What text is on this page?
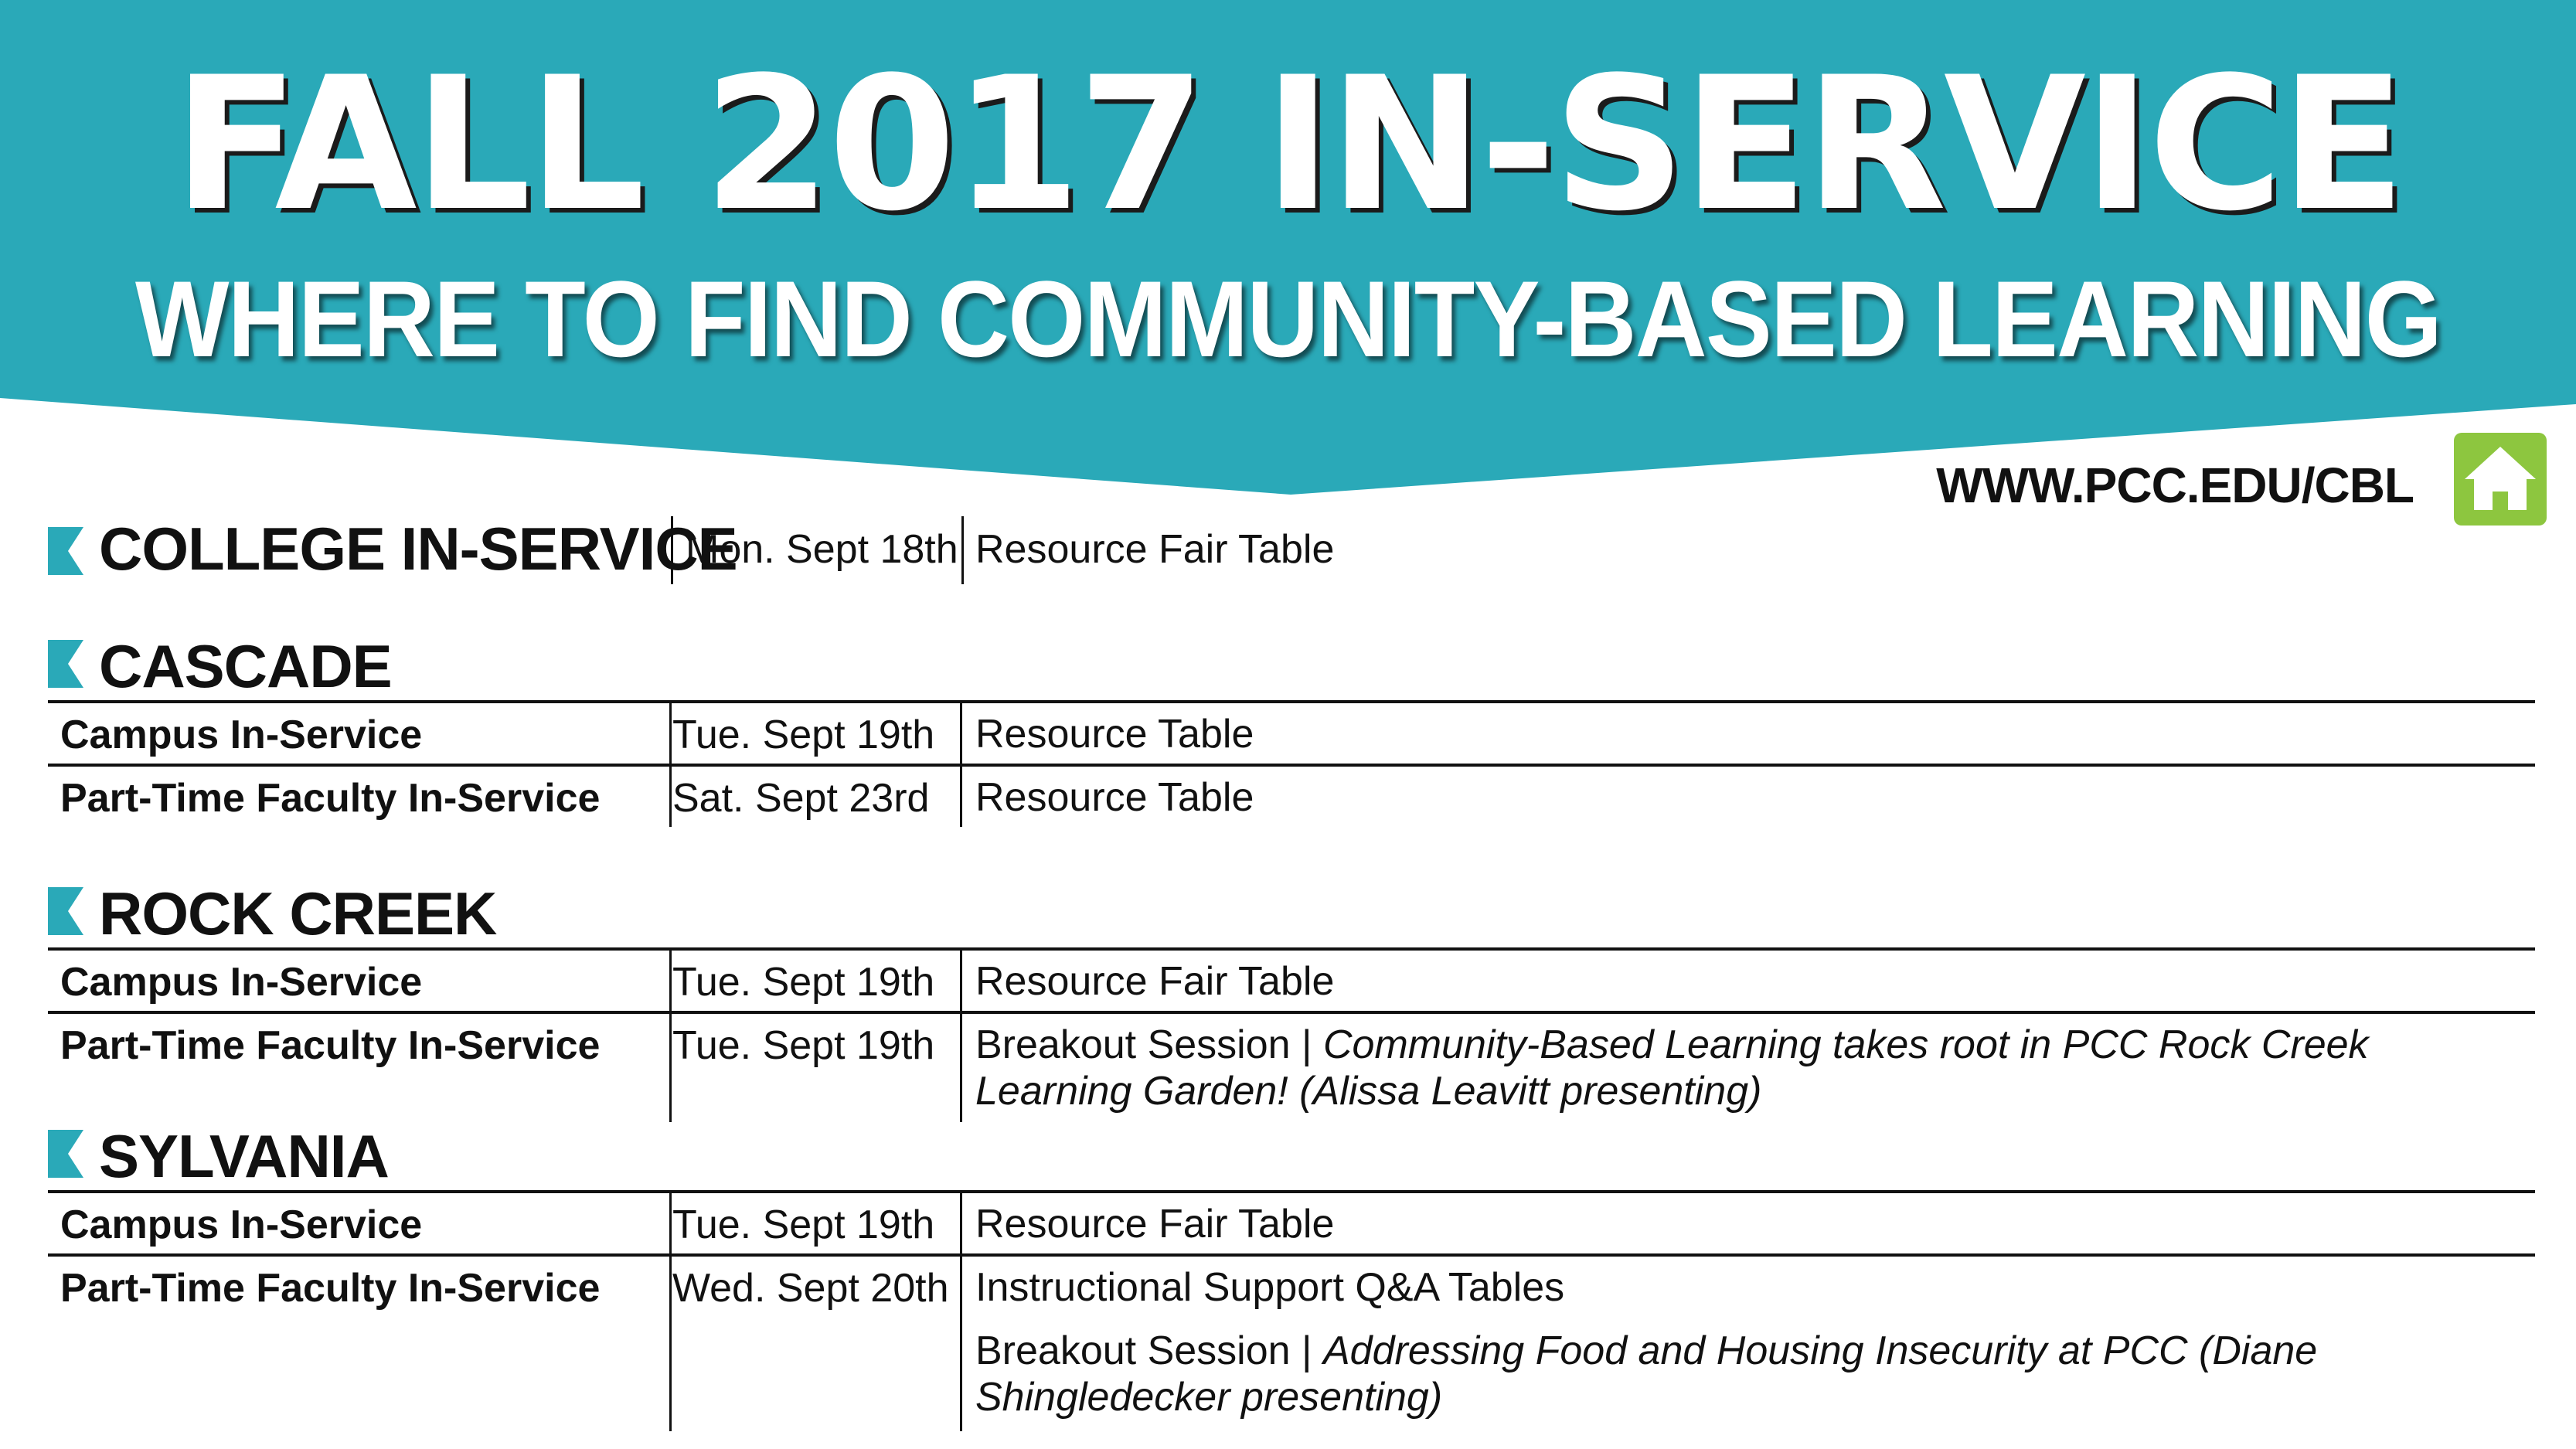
FALL 2017 IN-SERVICE
WHERE TO FIND COMMUNITY-BASED LEARNING
WWW.PCC.EDU/CBL
COLLEGE IN-SERVICE
Mon. Sept 18th Resource Fair Table
CASCADE
Campus In-Service	Tue. Sept 19th Resource Table
Part-Time Faculty In-Service Sat. Sept 23rd Resource Table
ROCK CREEK
Campus In-Service	Tue. Sept 19th Resource Fair Table
Part-Time Faculty In-Service Tue. Sept 19th Breakout Session | Community-Based Learning takes root in PCC Rock Creek Learning Garden! (Alissa Leavitt presenting)
SYLVANIA
Campus In-Service	Tue. Sept 19th Resource Fair Table
Part-Time Faculty In-Service Wed. Sept 20th Instructional Support Q&A Tables
Breakout Session | Addressing Food and Housing Insecurity at PCC (Diane Shingledecker presenting)
